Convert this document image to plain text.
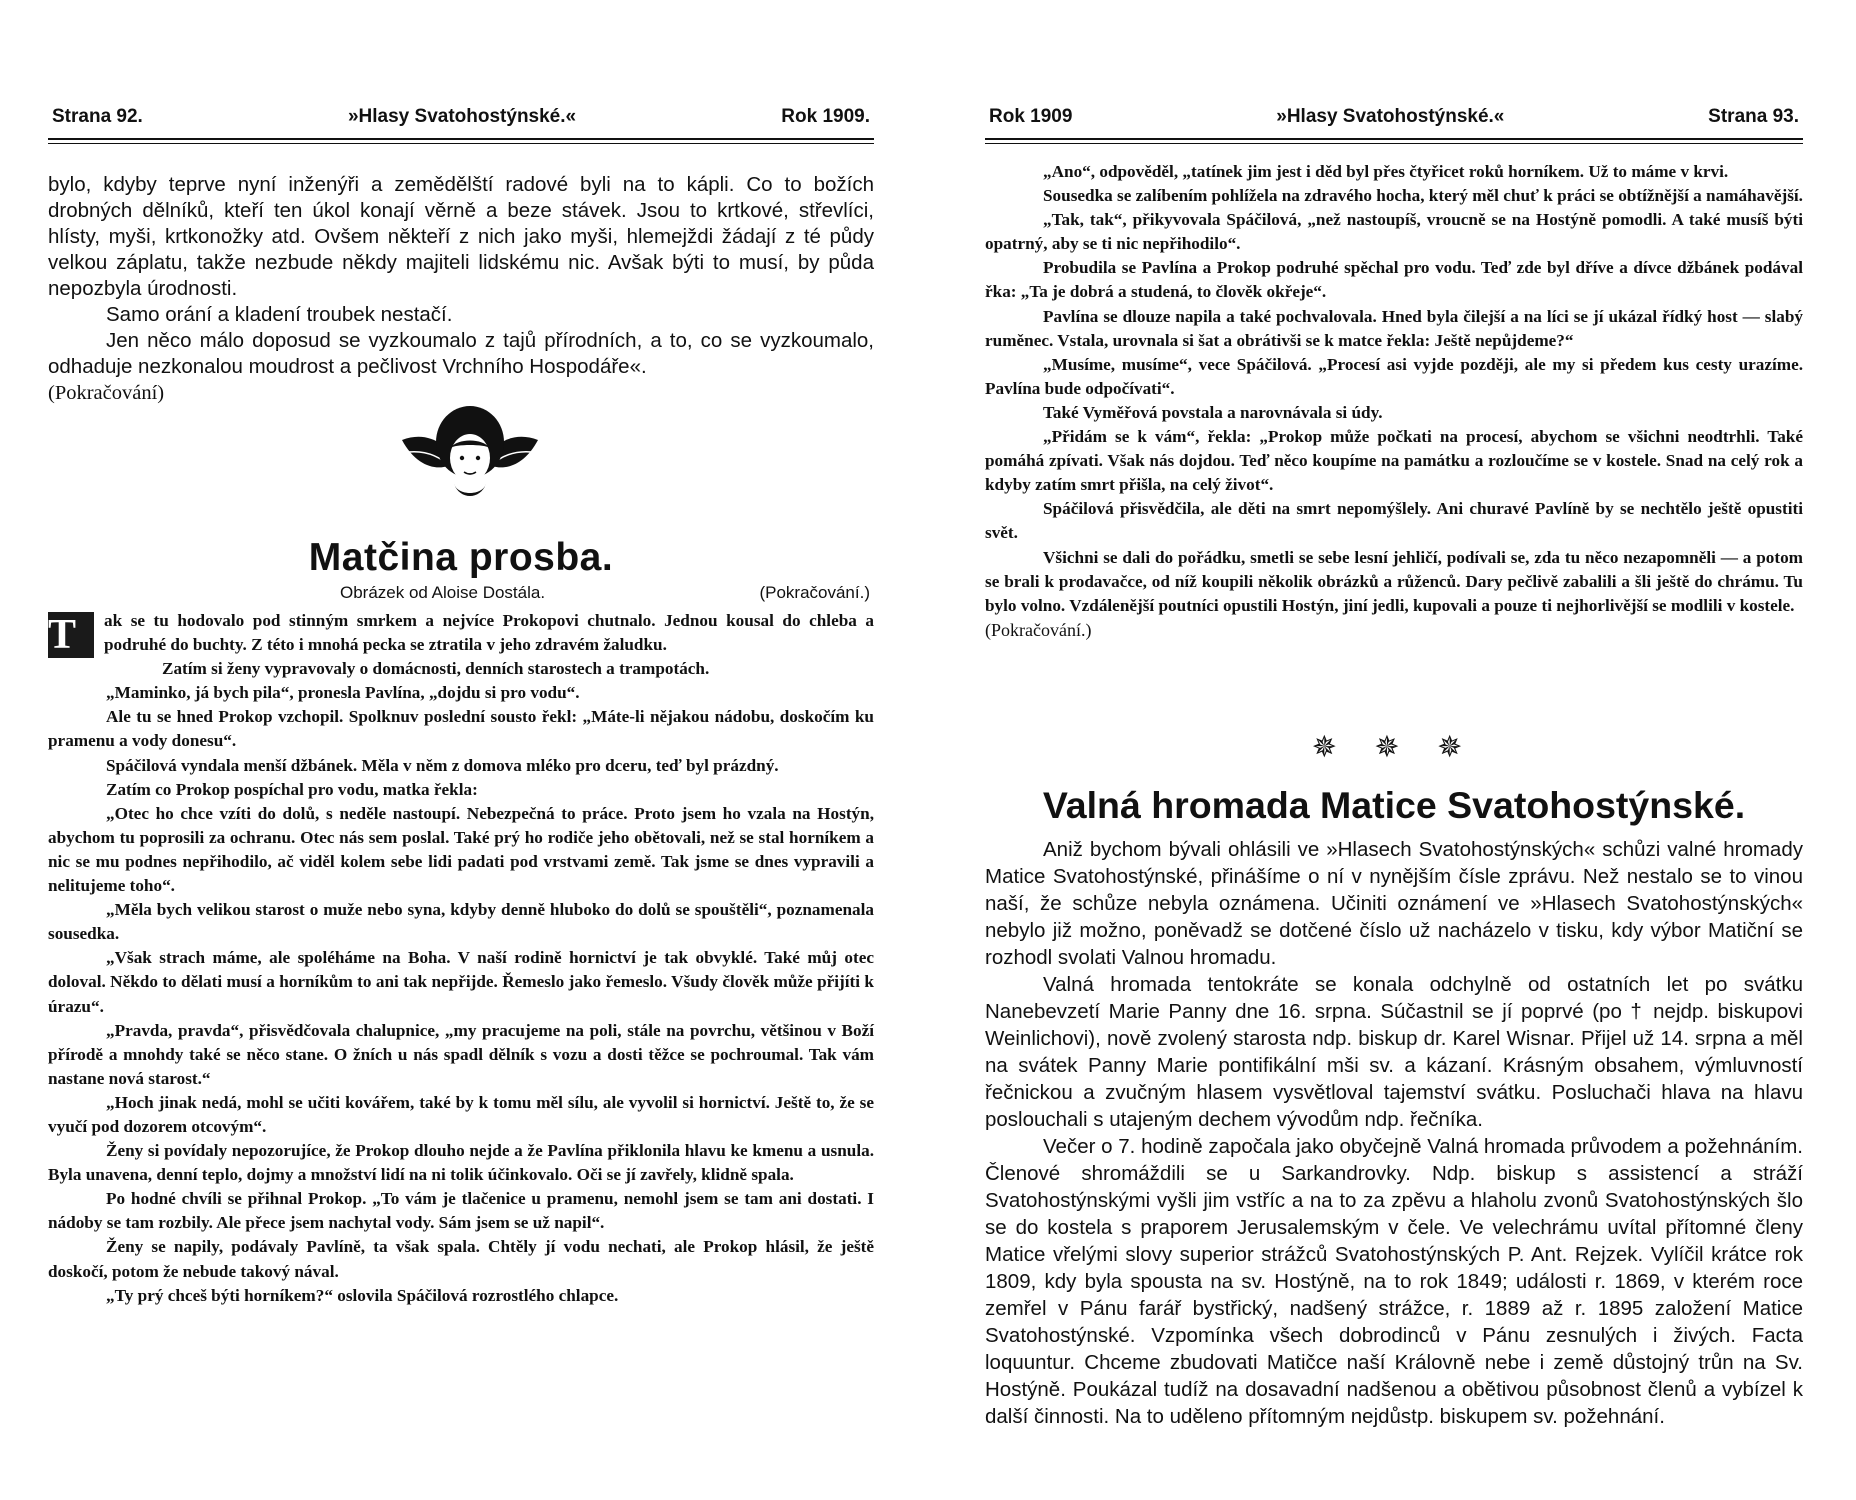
Strana 92.	»Hlasy Svatohostýnské.«	Rok 1909.

bylo, kdyby teprve nyní inženýři a zemědělští radové byli na to kápli. Co to božích drobných dělníků, kteří ten úkol konají věrně a beze stávek. Jsou to krtkové, střevlíci, hlísty, myši, krtkonožky atd. Ovšem někteří z nich jako myši, hlemejždi žádají z té půdy velkou záplatu, takže nezbude někdy majiteli lidskému nic. Avšak býti to musí, by půda nepozbyla úrodnosti.

Samo orání a kladení troubek nestačí.

Jen něco málo doposud se vyzkoumalo z tajů přírodních, a to, co se vyzkoumalo, odhaduje nezkonalou moudrost a pečlivost Vrchního Hospodáře«.

(Pokračování)

Matčina prosba.
Obrázek od Aloise Dostála.	(Pokračování.)

T	ak se tu hodovalo pod stinným smrkem a nejvíce Prokopovi chutnalo. Jednou kousal do chleba a podruhé do buchty. Z této i mnohá pecka se ztratila v jeho zdravém žaludku.

Zatím si ženy vypravovaly o domácnosti, denních starostech a trampotách.

„Maminko, já bych pila“, pronesla Pavlína, „dojdu si pro vodu“.

Ale tu se hned Prokop vzchopil. Spolknuv poslední sousto řekl: „Máte-li nějakou nádobu, doskočím ku pramenu a vody donesu“.

Spáčilová vyndala menší džbánek. Měla v něm z domova mléko pro dceru, teď byl prázdný.

Zatím co Prokop pospíchal pro vodu, matka řekla:

„Otec ho chce vzíti do dolů, s neděle nastoupí. Nebezpečná to práce. Proto jsem ho vzala na Hostýn, abychom tu poprosili za ochranu. Otec nás sem poslal. Také prý ho rodiče jeho obětovali, než se stal horníkem a nic se mu podnes nepřihodilo, ač viděl kolem sebe lidi padati pod vrstvami země. Tak jsme se dnes vypravili a nelitujeme toho“.

„Měla bych velikou starost o muže nebo syna, kdyby denně hluboko do dolů se spouštěli“, poznamenala sousedka.

„Však strach máme, ale spoléháme na Boha. V naší rodině hornictví je tak obvyklé. Také můj otec doloval. Někdo to dělati musí a horníkům to ani tak nepřijde. Řemeslo jako řemeslo. Všudy člověk může přijíti k úrazu“.

„Pravda, pravda“, přisvědčovala chalupnice, „my pracujeme na poli, stále na povrchu, většinou v Boží přírodě a mnohdy také se něco stane. O žních u nás spadl dělník s vozu a dosti těžce se pochroumal. Tak vám nastane nová starost.“

„Hoch jinak nedá, mohl se učiti kovářem, také by k tomu měl sílu, ale vyvolil si hornictví. Ještě to, že se vyučí pod dozorem otcovým“.

Ženy si povídaly nepozorujíce, že Prokop dlouho nejde a že Pavlína přiklonila hlavu ke kmenu a usnula. Byla unavena, denní teplo, dojmy a množství lidí na ni tolik účinkovalo. Oči se jí zavřely, klidně spala.

Po hodné chvíli se přihnal Prokop. „To vám je tlačenice u pramenu, nemohl jsem se tam ani dostati. I nádoby se tam rozbily. Ale přece jsem nachytal vody. Sám jsem se už napil“.

Ženy se napily, podávaly Pavlíně, ta však spala. Chtěly jí vodu nechati, ale Prokop hlásil, že ještě doskočí, potom že nebude takový nával.

„Ty prý chceš býti horníkem?“ oslovila Spáčilová rozrostlého chlapce.

Rok 1909	»Hlasy Svatohostýnské.«	Strana 93.

„Ano“, odpověděl, „tatínek jim jest i děd byl přes čtyřicet roků horníkem. Už to máme v krvi.

Sousedka se zalíbením pohlížela na zdravého hocha, který měl chuť k práci se obtížnější a namáhavější.

„Tak, tak“, přikyvovala Spáčilová, „než nastoupíš, vroucně se na Hostýně pomodli. A také musíš býti opatrný, aby se ti nic nepřihodilo“.

Probudila se Pavlína a Prokop podruhé spěchal pro vodu. Teď zde byl dříve a dívce džbánek podával řka: „Ta je dobrá a studená, to člověk okřeje“.

Pavlína se dlouze napila a také pochvalovala. Hned byla čilejší a na líci se jí ukázal řídký host — slabý ruměnec. Vstala, urovnala si šat a obrátivši se k matce řekla: Ještě nepůjdeme?“

„Musíme, musíme“, vece Spáčilová. „Procesí asi vyjde později, ale my si předem kus cesty urazíme. Pavlína bude odpočívati“.

Také Vyměřová povstala a narovnávala si údy.

„Přidám se k vám“, řekla: „Prokop může počkati na procesí, abychom se všichni neodtrhli. Také pomáhá zpívati. Však nás dojdou. Teď něco koupíme na památku a rozloučíme se v kostele. Snad na celý rok a kdyby zatím smrt přišla, na celý život“.

Spáčilová přisvědčila, ale děti na smrt nepomýšlely. Ani churavé Pavlíně by se nechtělo ještě opustiti svět.

Všichni se dali do pořádku, smetli se sebe lesní jehličí, podívali se, zda tu něco nezapomněli — a potom se brali k prodavačce, od níž koupili několik obrázků a růženců. Dary pečlivě zabalili a šli ještě do chrámu. Tu bylo volno. Vzdálenější poutníci opustili Hostýn, jiní jedli, kupovali a pouze ti nejhorlivější se modlili v kostele.

(Pokračování.)

✵ ✵ ✵
Valná hromada Matice Svatohostýnské.

Aniž bychom bývali ohlásili ve »Hlasech Svatohostýnských« schůzi valné hromady Matice Svatohostýnské, přinášíme o ní v nynějším čísle zprávu. Než nestalo se to vinou naší, že schůze nebyla oznámena. Učiniti oznámení ve »Hlasech Svatohostýnských« nebylo již možno, poněvadž se dotčené číslo už nacházelo v tisku, kdy výbor Matiční se rozhodl svolati Valnou hromadu.

Valná hromada tentokráte se konala odchylně od ostatních let po svátku Nanebevzetí Marie Panny dne 16. srpna. Súčastnil se jí poprvé (po † nejdp. biskupovi Weinlichovi), nově zvolený starosta ndp. biskup dr. Karel Wisnar. Přijel už 14. srpna a měl na svátek Panny Marie pontifikální mši sv. a kázaní. Krásným obsahem, výmluvností řečnickou a zvučným hlasem vysvětloval tajemství svátku. Posluchači hlava na hlavu poslouchali s utajeným dechem vývodům ndp. řečníka.

Večer o 7. hodině započala jako obyčejně Valná hromada průvodem a požehnáním. Členové shromáždili se u Sarkandrovky. Ndp. biskup s assistencí a stráží Svatohostýnskými vyšli jim vstříc a na to za zpěvu a hlaholu zvonů Svatohostýnských šlo se do kostela s praporem Jerusalemským v čele. Ve velechrámu uvítal přítomné členy Matice vřelými slovy superior strážců Svatohostýnských P. Ant. Rejzek. Vylíčil krátce rok 1809, kdy byla spousta na sv. Hostýně, na to rok 1849; události r. 1869, v kterém roce zemřel v Pánu farář bystřický, nadšený strážce, r. 1889 až r. 1895 založení Matice Svatohostýnské. Vzpomínka všech dobrodinců v Pánu zesnulých i živých. Facta loquuntur. Chceme zbudovati Matičce naší Královně nebe i země důstojný trůn na Sv. Hostýně. Poukázal tudíž na dosavadní nadšenou a obětivou působnost členů a vybízel k další činnosti. Na to uděleno přítomným nejdůstp. biskupem sv. požehnání.
